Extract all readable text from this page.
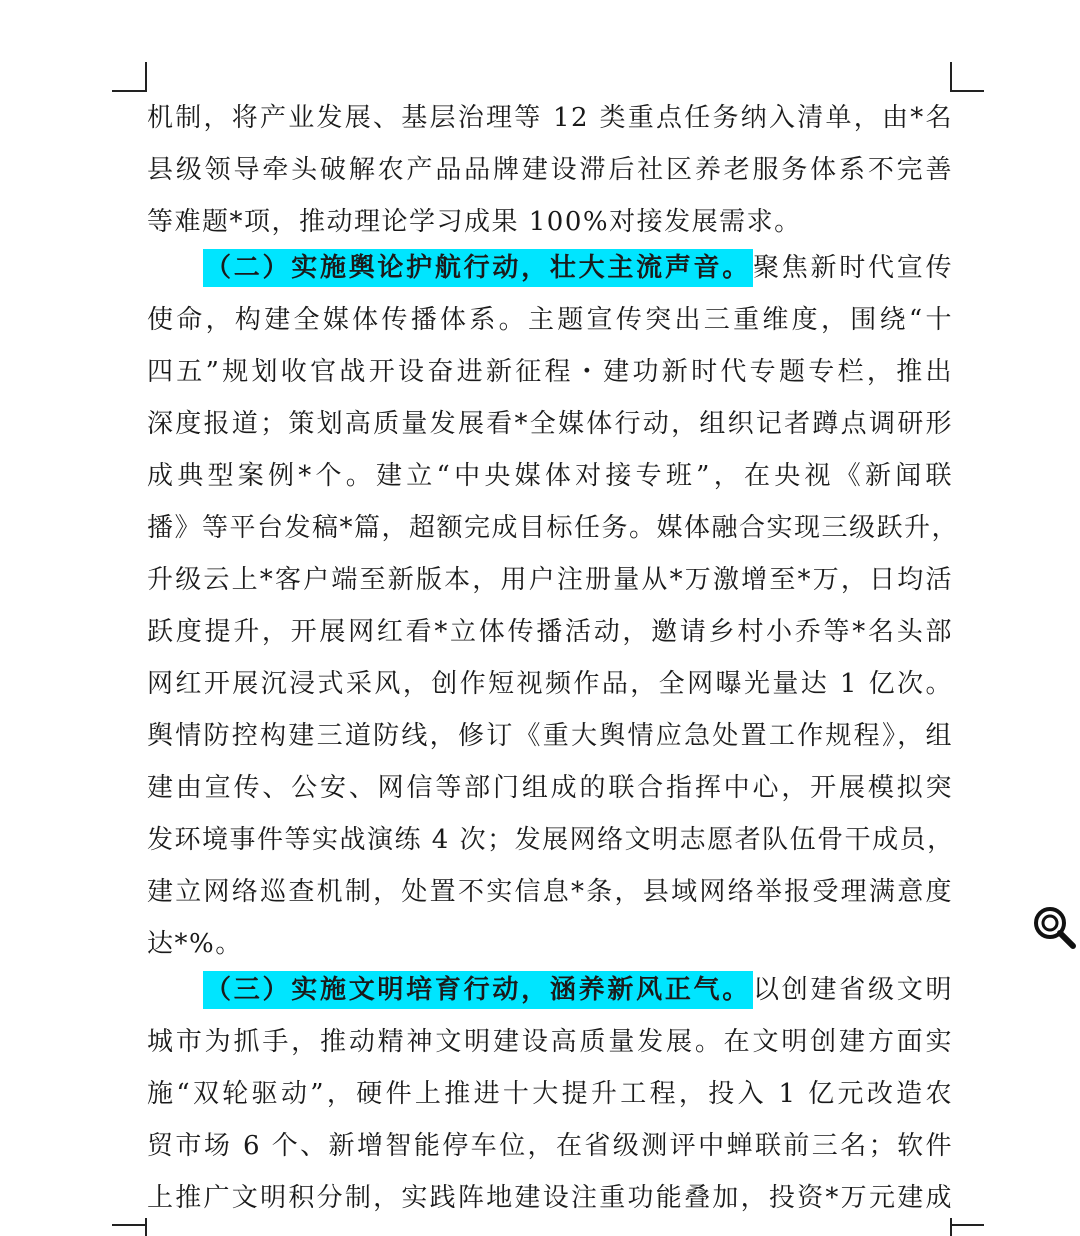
机制，将产业发展、基层治理等 12 类重点任务纳入清单，由*名
县级领导牵头破解农产品品牌建设滞后社区养老服务体系不完善
等难题*项，推动理论学习成果 100%对接发展需求。
（二）实施舆论护航行动，壮大主流声音。聚焦新时代宣传
使命，构建全媒体传播体系。主题宣传突出三重维度，围绕“十
四五”规划收官战开设奋进新征程・建功新时代专题专栏，推出
深度报道；策划高质量发展看*全媒体行动，组织记者蹲点调研形
成典型案例*个。建立“中央媒体对接专班”，在央视《新闻联
播》等平台发稿*篇，超额完成目标任务。媒体融合实现三级跃升，
升级云上*客户端至新版本，用户注册量从*万激增至*万，日均活
跃度提升，开展网红看*立体传播活动，邀请乡村小乔等*名头部
网红开展沉浸式采风，创作短视频作品，全网曝光量达 1 亿次。
舆情防控构建三道防线，修订《重大舆情应急处置工作规程》，组
建由宣传、公安、网信等部门组成的联合指挥中心，开展模拟突
发环境事件等实战演练 4 次；发展网络文明志愿者队伍骨干成员，
建立网络巡查机制，处置不实信息*条，县域网络举报受理满意度
达*%。
（三）实施文明培育行动，涵养新风正气。以创建省级文明
城市为抓手，推动精神文明建设高质量发展。在文明创建方面实
施“双轮驱动”，硬件上推进十大提升工程，投入 1 亿元改造农
贸市场 6 个、新增智能停车位，在省级测评中蝉联前三名；软件
上推广文明积分制，实践阵地建设注重功能叠加，投资*万元建成
